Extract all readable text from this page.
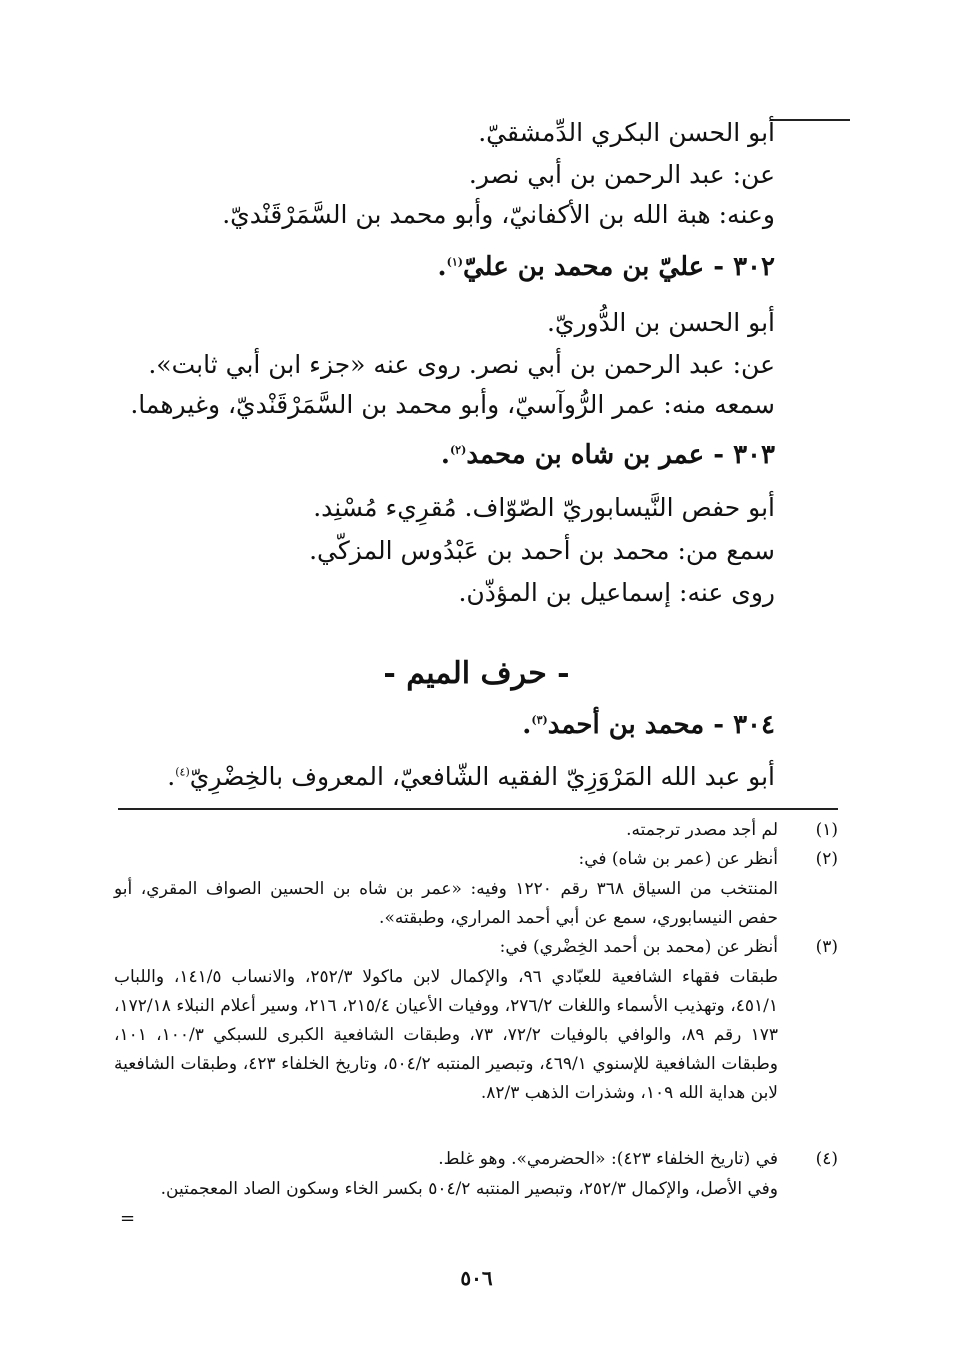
أبو الحسن البكري الدِّمشقيّ.
عن: عبد الرحمن بن أبي نصر.
وعنه: هبة الله بن الأكفانيّ، وأبو محمد بن السَّمَرْقَنْديّ.
٣٠٢ - عليّ بن محمد بن عليّ$^{(١)}$.
أبو الحسن بن الدُّوريّ.
عن: عبد الرحمن بن أبي نصر. روى عنه «جزء ابن أبي ثابت».
سمعه منه: عمر الرُّوآسيّ، وأبو محمد بن السَّمَرْقَنْديّ، وغيرهما.
٣٠٣ - عمر بن شاه بن محمد$^{(٢)}$.
أبو حفص النَّيسابوريّ الصّوّاف. مُقرِيء مُسْنِد.
سمع من: محمد بن أحمد بن عَبْدُوس المزكّي.
روى عنه: إسماعيل بن المؤذّن.
- حرف الميم -
٣٠٤ - محمد بن أحمد$^{(٣)}$.
أبو عبد الله المَرْوَزِيّ الفقيه الشّافعيّ، المعروف بالخِضْرِيّ$^{(٤)}$.
(١)
لم أجد مصدر ترجمته.
(٢)
أنظر عن (عمر بن شاه) في:
المنتخب من السياق ٣٦٨ رقم ١٢٢٠ وفيه: «عمر بن شاه بن الحسين الصواف المقري، أبو حفص النيسابوري، سمع عن أبي أحمد المراري، وطبقته».
(٣)
أنظر عن (محمد بن أحمد الخِضْري) في:
طبقات فقهاء الشافعية للعبّادي ٩٦، والإكمال لابن ماكولا ٢٥٢/٣، والانساب ١٤١/٥، واللباب ٤٥١/١، وتهذيب الأسماء واللغات ٢٧٦/٢، ووفيات الأعيان ٢١٥/٤، ٢١٦، وسير أعلام النبلاء ١٧٢/١٨، ١٧٣ رقم ٨٩، والوافي بالوفيات ٧٢/٢، ٧٣، وطبقات الشافعية الكبرى للسبكي ١٠٠/٣، ١٠١، وطبقات الشافعية للإسنوي ٤٦٩/١، وتبصير المنتبه ٥٠٤/٢، وتاريخ الخلفاء ٤٢٣، وطبقات الشافعية لابن هداية الله ١٠٩، وشذرات الذهب ٨٢/٣.
(٤)
في (تاريخ الخلفاء ٤٢٣): «الحضرمي». وهو غلط.
وفي الأصل، والإكمال ٢٥٢/٣، وتبصير المنتبه ٥٠٤/٢ بكسر الخاء وسكون الصاد المعجمتين.
=
٥٠٦
